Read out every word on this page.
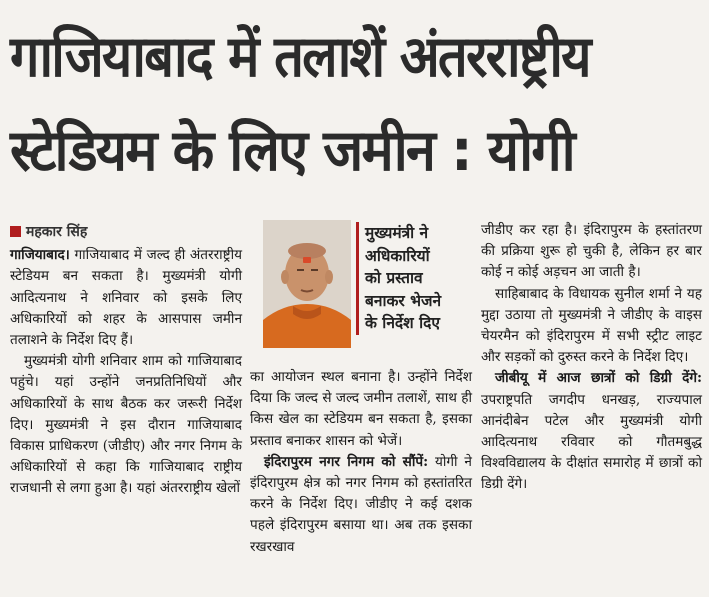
गाजियाबाद में तलाशें अंतरराष्ट्रीय
स्टेडियम के लिए जमीन : योगी
महकार सिंह

गाजियाबाद। गाजियाबाद में जल्द ही अंतरराष्ट्रीय स्टेडियम बन सकता है। मुख्यमंत्री योगी आदित्यनाथ ने शनिवार को इसके लिए अधिकारियों को शहर के आसपास जमीन तलाशने के निर्देश दिए हैं।

मुख्यमंत्री योगी शनिवार शाम को गाजियाबाद पहुंचे। यहां उन्होंने जनप्रतिनिधियों और अधिकारियों के साथ बैठक कर जरूरी निर्देश दिए। मुख्यमंत्री ने इस दौरान गाजियाबाद विकास प्राधिकरण (जीडीए) और नगर निगम के अधिकारियों से कहा कि गाजियाबाद राष्ट्रीय राजधानी से लगा हुआ है। यहां अंतरराष्ट्रीय खेलों

मुख्यमंत्री ने
अधिकारियों
को प्रस्ताव
बनाकर भेजने
के निर्देश दिए

का आयोजन स्थल बनाना है। उन्होंने निर्देश दिया कि जल्द से जल्द जमीन तलाशें, साथ ही किस खेल का स्टेडियम बन सकता है, इसका प्रस्ताव बनाकर शासन को भेजें।

इंदिरापुरम नगर निगम को सौंपें: योगी ने इंदिरापुरम क्षेत्र को नगर निगम को हस्तांतरित करने के निर्देश दिए। जीडीए ने कई दशक पहले इंदिरापुरम बसाया था। अब तक इसका रखरखाव

जीडीए कर रहा है। इंदिरापुरम के हस्तांतरण की प्रक्रिया शुरू हो चुकी है, लेकिन हर बार कोई न कोई अड़चन आ जाती है।

साहिबाबाद के विधायक सुनील शर्मा ने यह मुद्दा उठाया तो मुख्यमंत्री ने जीडीए के वाइस चेयरमैन को इंदिरापुरम में सभी स्ट्रीट लाइट और सड़कों को दुरुस्त करने के निर्देश दिए।

जीबीयू में आज छात्रों को डिग्री देंगे: उपराष्ट्रपति जगदीप धनखड़, राज्यपाल आनंदीबेन पटेल और मुख्यमंत्री योगी आदित्यनाथ रविवार को गौतमबुद्ध विश्वविद्यालय के दीक्षांत समारोह में छात्रों को डिग्री देंगे।
